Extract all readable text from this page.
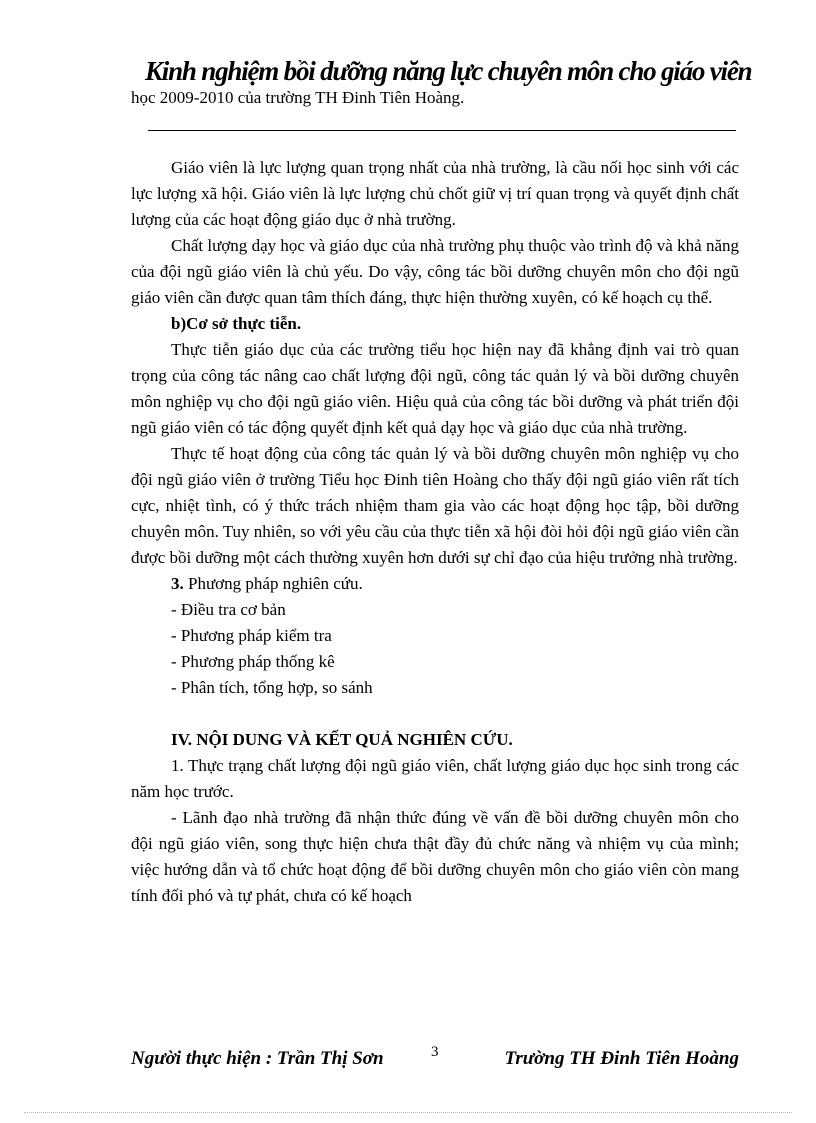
Kinh nghiệm bồi dưỡng năng lực chuyên môn cho giáo viên
học 2009-2010 của trường TH Đinh Tiên Hoàng.

Giáo viên là lực lượng quan trọng nhất của nhà trường, là cầu nối học sinh với các lực lượng xã hội. Giáo viên là lực lượng chủ chốt giữ vị trí quan trọng và quyết định chất lượng của các hoạt động giáo dục ở nhà trường.

Chất lượng dạy học và giáo dục của nhà trường phụ thuộc vào trình độ và khả năng của đội ngũ giáo viên là chủ yếu. Do vậy, công tác bồi dưỡng chuyên môn cho đội ngũ giáo viên cần được quan tâm thích đáng, thực hiện thường xuyên, có kế hoạch cụ thể.

b)Cơ sở thực tiễn.

Thực tiễn giáo dục của các trường tiểu học hiện nay đã khẳng định vai trò quan trọng của công tác nâng cao chất lượng đội ngũ, công tác quản lý và bồi dưỡng chuyên môn nghiệp vụ cho đội ngũ giáo viên. Hiệu quả của công tác bồi dưỡng và phát triển đội ngũ giáo viên có tác động quyết định kết quả dạy học và giáo dục của nhà trường.

Thực tế hoạt động của công tác quản lý và bồi dưỡng chuyên môn nghiệp vụ cho đội ngũ giáo viên ở trường Tiểu học Đinh tiên Hoàng cho thấy đội ngũ giáo viên rất tích cực, nhiệt tình, có ý thức trách nhiệm tham gia vào các hoạt động học tập, bồi dưỡng chuyên môn. Tuy nhiên, so với yêu cầu của thực tiễn xã hội đòi hỏi đội ngũ giáo viên cần được bồi dưỡng một cách thường xuyên hơn dưới sự chỉ đạo của hiệu trưởng nhà trường.

3. Phương pháp nghiên cứu.

- Điều tra cơ bản

- Phương pháp kiểm tra

- Phương pháp thống kê

- Phân tích, tổng hợp, so sánh

IV. NỘI DUNG VÀ KẾT QUẢ NGHIÊN CỨU.

1. Thực trạng chất lượng đội ngũ giáo viên, chất lượng giáo dục học sinh trong các năm học trước.

- Lãnh đạo nhà trường đã nhận thức đúng về vấn đề bồi dưỡng chuyên môn cho đội ngũ giáo viên, song thực hiện chưa thật đầy đủ chức năng và nhiệm vụ của mình; việc hướng dẫn và tổ chức hoạt động để bồi dưỡng chuyên môn cho giáo viên còn mang tính đối phó và tự phát, chưa có kế hoạch

Người thực hiện : Trần Thị Sơn	3	Trường TH Đinh Tiên Hoàng
